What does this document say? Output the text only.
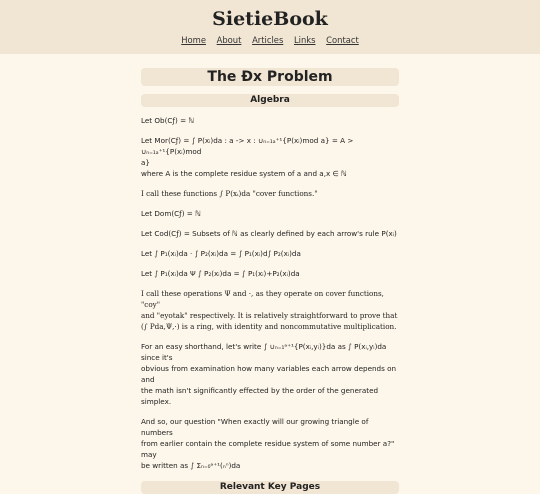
SietieBook
Home About Articles Links Contact
The Ðx Problem
Algebra

Let Ob(Cƒ) = ℕ

Let Mor(Cƒ) = ∫ P(xᵢ)da : a -> x : ∪ₙ₌₁ₐ⁺¹{P(xᵢ)mod a} = A > ∪ₙ₌₁ₐ⁺¹{P(xᵢ)mod
a}
where A is the complete residue system of a and a,x ∈ ℕ

I call these functions ∫ P(xᵢ)da "cover functions."

Let Dom(Cƒ) = ℕ

Let Cod(Cƒ) = Subsets of ℕ as clearly defined by each arrow's rule P(xᵢ)

Let ∫ P₁(xᵢ)da · ∫ P₂(xᵢ)da = ∫ P₁(xᵢ)d∫ P₂(xᵢ)da

Let ∫ P₁(xᵢ)da Ψ ∫ P₂(xᵢ)da = ∫ P₁(xᵢ)+P₂(xᵢ)da

I call these operations Ψ and ·, as they operate on cover functions, "coy"
and "eyotak" respectively. It is relatively straightforward to prove that
(∫ Pda,Ψ,·) is a ring, with identity and noncommutative multiplication.

For an easy shorthand, let's write ∫ ∪ₙ₌₁ᵃ⁺¹{P(xᵢ,yᵢ)}da as ∫ P(xᵢ,yᵢ)da since it's
obvious from examination how many variables each arrow depends on and
the math isn't significantly effected by the order of the generated simplex.

And so, our question "When exactly will our growing triangle of numbers
from earlier contain the complete residue system of some number a?" may
be written as ∫ Σₙ₌₀ᵃ⁺¹(ₙⁿ)da

Relevant Key Pages
